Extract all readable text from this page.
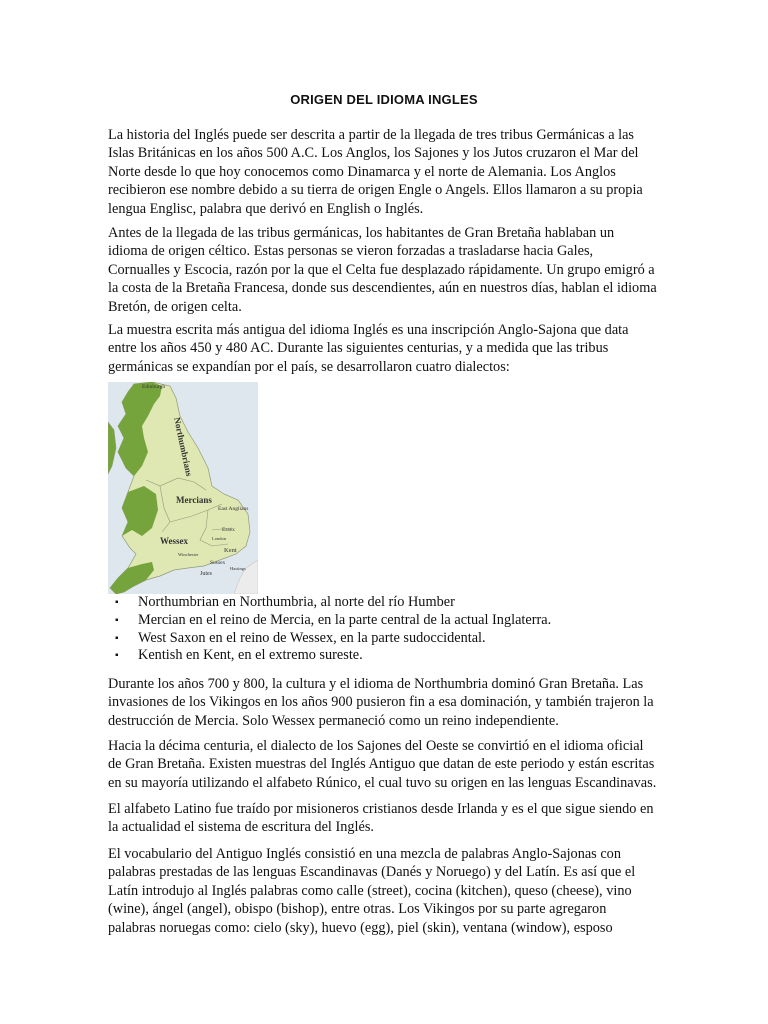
ORIGEN DEL IDIOMA INGLES
La historia del Inglés puede ser descrita a partir de la llegada de tres tribus Germánicas a las
Islas Británicas en los años 500 A.C. Los Anglos, los Sajones y los Jutos cruzaron el Mar del
Norte desde lo que hoy conocemos como Dinamarca y el norte de Alemania. Los Anglos
recibieron ese nombre debido a su tierra de origen Engle o Angels. Ellos llamaron a su propia
lengua Englisc, palabra que derivó en English o Inglés.
Antes de la llegada de las tribus germánicas, los habitantes de Gran Bretaña hablaban un
idioma de origen céltico. Estas personas se vieron forzadas a trasladarse hacia Gales,
Cornualles y Escocia, razón por la que el Celta fue desplazado rápidamente. Un grupo emigró a
la costa de la Bretaña Francesa, donde sus descendientes, aún en nuestros días, hablan el idioma
Bretón, de origen celta.
La muestra escrita más antigua del idioma Inglés es una inscripción Anglo-Sajona que data
entre los años 450 y 480 AC. Durante las siguientes centurias, y a medida que las tribus
germánicas se expandían por el país, se desarrollaron cuatro dialectos:
Edinburgh
Northumbrians
Mercians
East Anglians
Essex
London
Wessex
Kent
Winchester
Sussex
Hastings
Jutes
▪ Northumbrian en Northumbria, al norte del río Humber
▪ Mercian en el reino de Mercia, en la parte central de la actual Inglaterra.
▪ West Saxon en el reino de Wessex, en la parte sudoccidental.
▪ Kentish en Kent, en el extremo sureste.
Durante los años 700 y 800, la cultura y el idioma de Northumbria dominó Gran Bretaña. Las
invasiones de los Vikingos en los años 900 pusieron fin a esa dominación, y también trajeron la
destrucción de Mercia. Solo Wessex permaneció como un reino independiente.
Hacia la décima centuria, el dialecto de los Sajones del Oeste se convirtió en el idioma oficial
de Gran Bretaña. Existen muestras del Inglés Antiguo que datan de este periodo y están escritas
en su mayoría utilizando el alfabeto Rúnico, el cual tuvo su origen en las lenguas Escandinavas.
El alfabeto Latino fue traído por misioneros cristianos desde Irlanda y es el que sigue siendo en
la actualidad el sistema de escritura del Inglés.
El vocabulario del Antiguo Inglés consistió en una mezcla de palabras Anglo-Sajonas con
palabras prestadas de las lenguas Escandinavas (Danés y Noruego) y del Latín. Es así que el
Latín introdujo al Inglés palabras como calle (street), cocina (kitchen), queso (cheese), vino
(wine), ángel (angel), obispo (bishop), entre otras. Los Vikingos por su parte agregaron
palabras noruegas como: cielo (sky), huevo (egg), piel (skin), ventana (window), esposo
